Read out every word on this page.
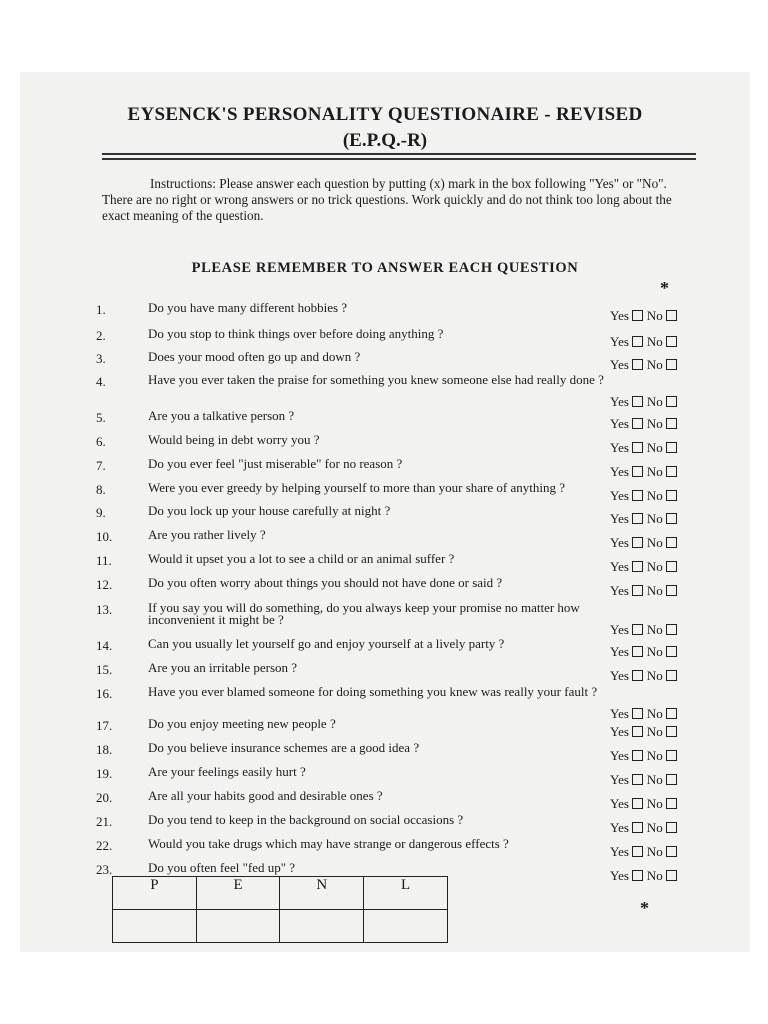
EYSENCK'S PERSONALITY QUESTIONAIRE - REVISED
(E.P.Q.-R)
Instructions: Please answer each question by putting (x) mark in the box following "Yes" or "No". There are no right or wrong answers or no trick questions. Work quickly and do not think too long about the exact meaning of the question.
PLEASE REMEMBER TO ANSWER EACH QUESTION
*
1.	Do you have many different hobbies ?
Yes No
2.	Do you stop to think things over before doing anything ?
Yes No
3.	Does your mood often go up and down ?
Yes No
4.	Have you ever taken the praise for something you knew someone else had really done ?
Yes No
5.	Are you a talkative person ?
Yes No
6.	Would being in debt worry you ?
Yes No
7.	Do you ever feel "just miserable" for no reason ?
Yes No
8.	Were you ever greedy by helping yourself to more than your share of anything ?
Yes No
9.	Do you lock up your house carefully at night ?
Yes No
10.	Are you rather lively ?
Yes No
11.	Would it upset you a lot to see a child or an animal suffer ?
Yes No
12.	Do you often worry about things you should not have done or said ?
Yes No
13.	If you say you will do something, do you always keep your promise no matter how inconvenient it might be ?
Yes No
14.	Can you usually let yourself go and enjoy yourself at a lively party ?
Yes No
15.	Are you an irritable person ?
Yes No
16.	Have you ever blamed someone for doing something you knew was really your fault ?
Yes No
17.	Do you enjoy meeting new people ?
Yes No
18.	Do you believe insurance schemes are a good idea ?
Yes No
19.	Are your feelings easily hurt ?
Yes No
20.	Are all your habits good and desirable ones ?
Yes No
21.	Do you tend to keep in the background on social occasions ?
Yes No
22.	Would you take drugs which may have strange or dangerous effects ?
Yes No
23.	Do you often feel "fed up" ?
Yes No
P	E	N	L

*
